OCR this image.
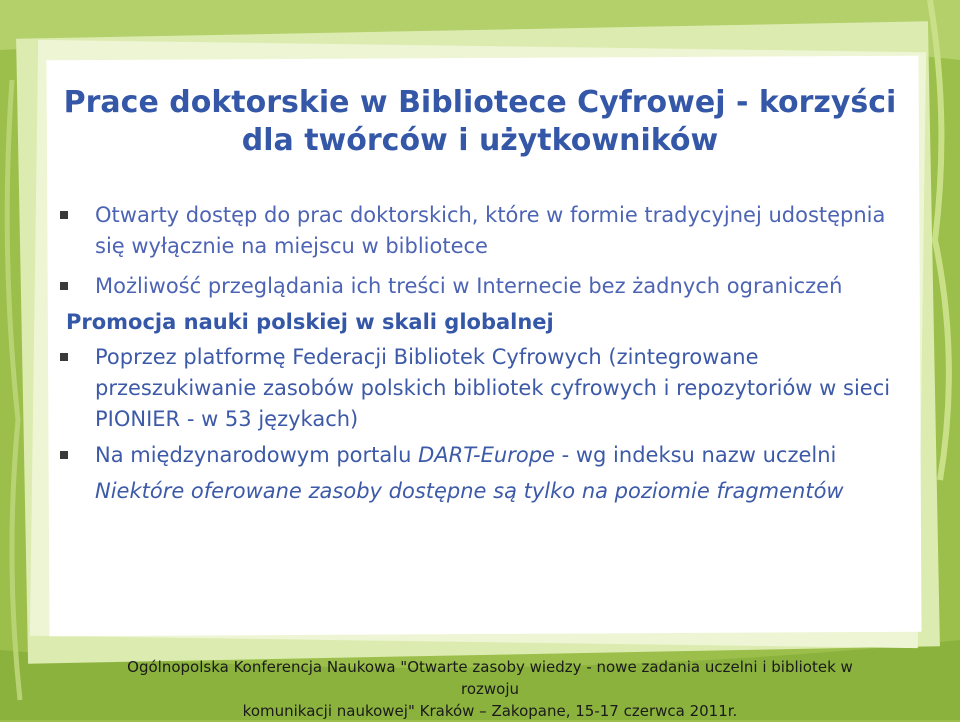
Prace doktorskie w Bibliotece Cyfrowej - korzyści
dla twórców i użytkowników
Otwarty dostęp do prac doktorskich, które w formie tradycyjnej udostępnia się wyłącznie na miejscu w bibliotece
Możliwość przeglądania ich treści w Internecie bez żadnych ograniczeń
Promocja nauki polskiej w skali globalnej
Poprzez platformę Federacji Bibliotek Cyfrowych (zintegrowane przeszukiwanie zasobów polskich bibliotek cyfrowych i repozytoriów w sieci PIONIER - w 53 językach)
Na międzynarodowym portalu DART-Europe - wg indeksu nazw uczelni
Niektóre oferowane zasoby dostępne są tylko na poziomie fragmentów
Ogólnopolska Konferencja Naukowa "Otwarte zasoby wiedzy - nowe zadania uczelni i bibliotek w rozwoju
komunikacji naukowej" Kraków – Zakopane, 15-17 czerwca 2011r.
